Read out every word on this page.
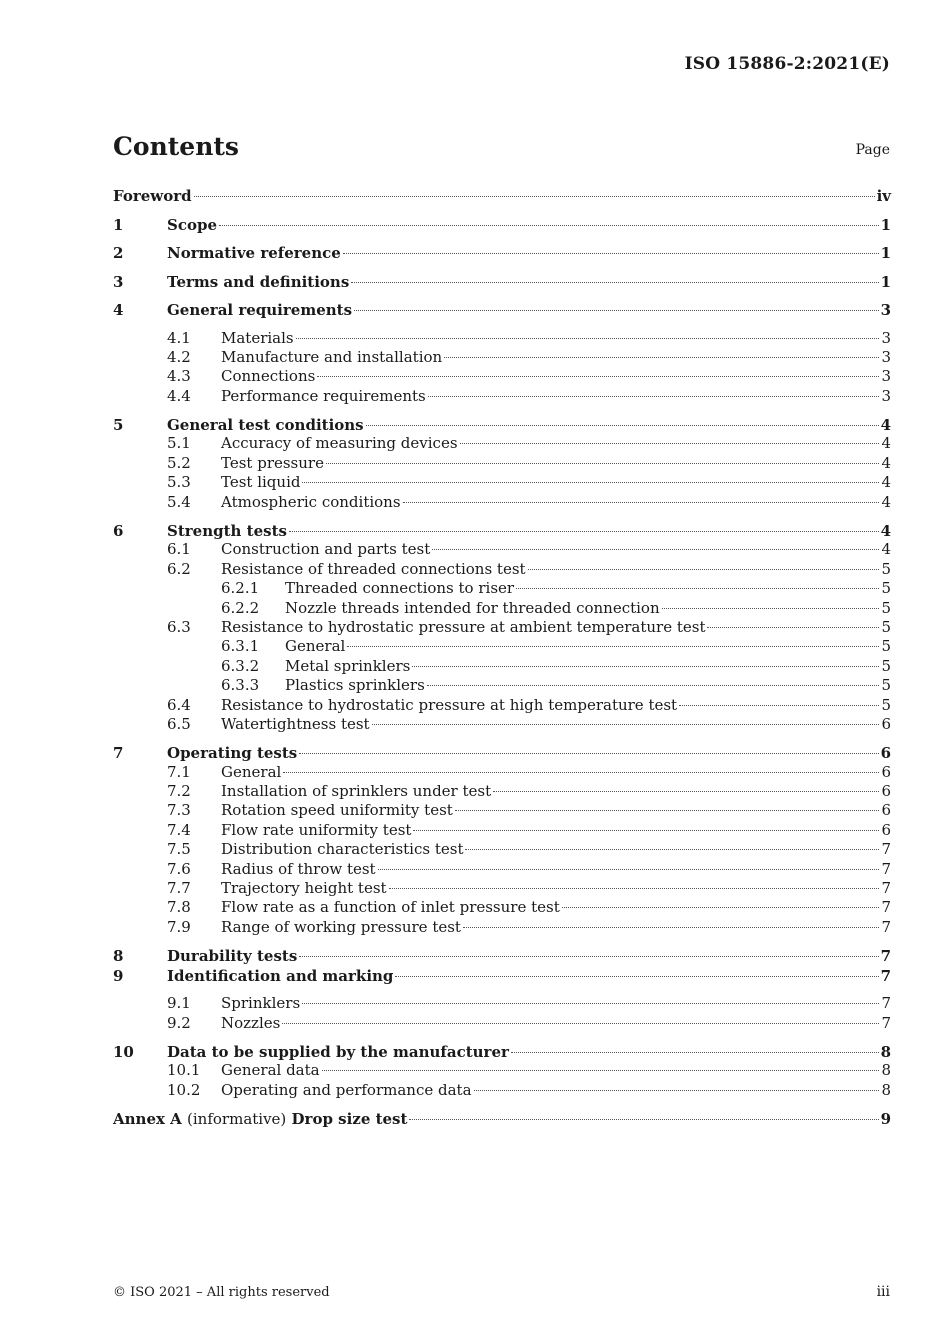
ISO 15886-2:2021(E)
Contents	Page
Foreword	iv
1	Scope	1
2	Normative reference	1
3	Terms and definitions	1
4	General requirements	3
4.1 Materials	3
4.2 Manufacture and installation	3
4.3 Connections	3
4.4 Performance requirements	3
5	General test conditions	4
5.1 Accuracy of measuring devices	4
5.2 Test pressure	4
5.3 Test liquid	4
5.4 Atmospheric conditions	4
6	Strength tests	4
6.1 Construction and parts test	4
6.2 Resistance of threaded connections test	5
6.2.1 Threaded connections to riser	5
6.2.2 Nozzle threads intended for threaded connection	5
6.3 Resistance to hydrostatic pressure at ambient temperature test	5
6.3.1 General	5
6.3.2 Metal sprinklers	5
6.3.3 Plastics sprinklers	5
6.4 Resistance to hydrostatic pressure at high temperature test	5
6.5 Watertightness test	6
7	Operating tests	6
7.1 General	6
7.2 Installation of sprinklers under test	6
7.3 Rotation speed uniformity test	6
7.4 Flow rate uniformity test	6
7.5 Distribution characteristics test	7
7.6 Radius of throw test	7
7.7 Trajectory height test	7
7.8 Flow rate as a function of inlet pressure test	7
7.9 Range of working pressure test	7
8	Durability tests	7
9	Identification and marking	7
9.1 Sprinklers	7
9.2 Nozzles	7
10 Data to be supplied by the manufacturer	8
10.1 General data	8
10.2 Operating and performance data	8
Annex A (informative) Drop size test	9
© ISO 2021 – All rights reserved	iii
